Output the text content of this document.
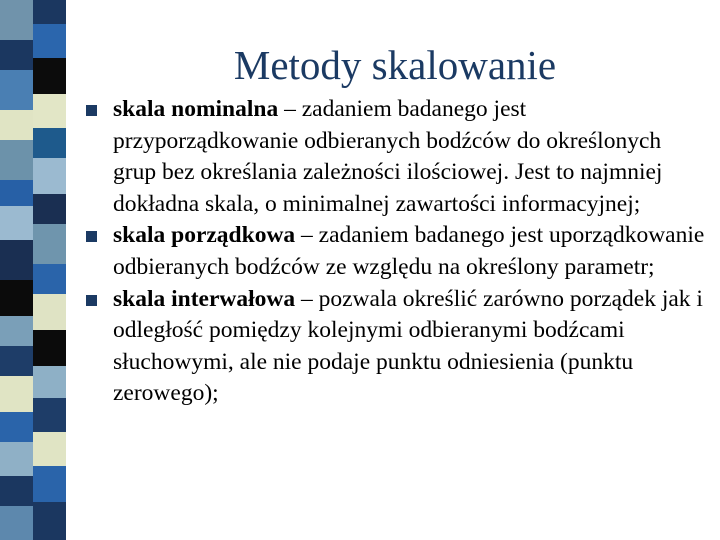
Metody skalowanie
skala nominalna – zadaniem badanego jest przyporządkowanie odbieranych bodźców do określonych grup bez określania zależności ilościowej. Jest to najmniej dokładna skala, o minimalnej zawartości informacyjnej;
skala porządkowa – zadaniem badanego jest uporządkowanie odbieranych bodźców ze względu na określony parametr;
skala interwałowa – pozwala określić zarówno porządek jak i odległość pomiędzy kolejnymi odbieranymi bodźcami słuchowymi, ale nie podaje punktu odniesienia (punktu zerowego);
